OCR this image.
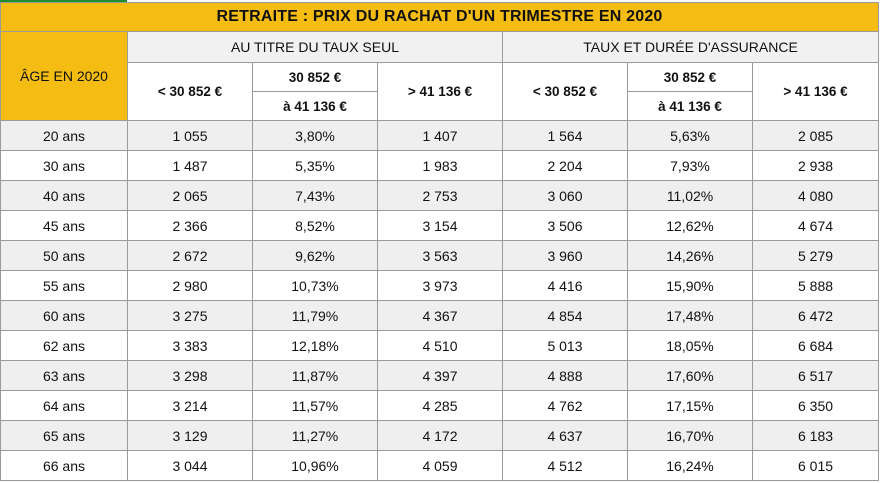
RETRAITE : PRIX DU RACHAT D'UN TRIMESTRE EN 2020						
ÂGE EN 2020	AU TITRE DU TAUX SEUL			TAUX ET DURÉE D'ASSURANCE		
	< 30 852 €	30 852 €	> 41 136 €	< 30 852 €	30 852 €	> 41 136 €
		à 41 136 €			à 41 136 €	
20 ans	1 055	3,80%	1 407	1 564	5,63%	2 085
30 ans	1 487	5,35%	1 983	2 204	7,93%	2 938
40 ans	2 065	7,43%	2 753	3 060	11,02%	4 080
45 ans	2 366	8,52%	3 154	3 506	12,62%	4 674
50 ans	2 672	9,62%	3 563	3 960	14,26%	5 279
55 ans	2 980	10,73%	3 973	4 416	15,90%	5 888
60 ans	3 275	11,79%	4 367	4 854	17,48%	6 472
62 ans	3 383	12,18%	4 510	5 013	18,05%	6 684
63 ans	3 298	11,87%	4 397	4 888	17,60%	6 517
64 ans	3 214	11,57%	4 285	4 762	17,15%	6 350
65 ans	3 129	11,27%	4 172	4 637	16,70%	6 183
66 ans	3 044	10,96%	4 059	4 512	16,24%	6 015
